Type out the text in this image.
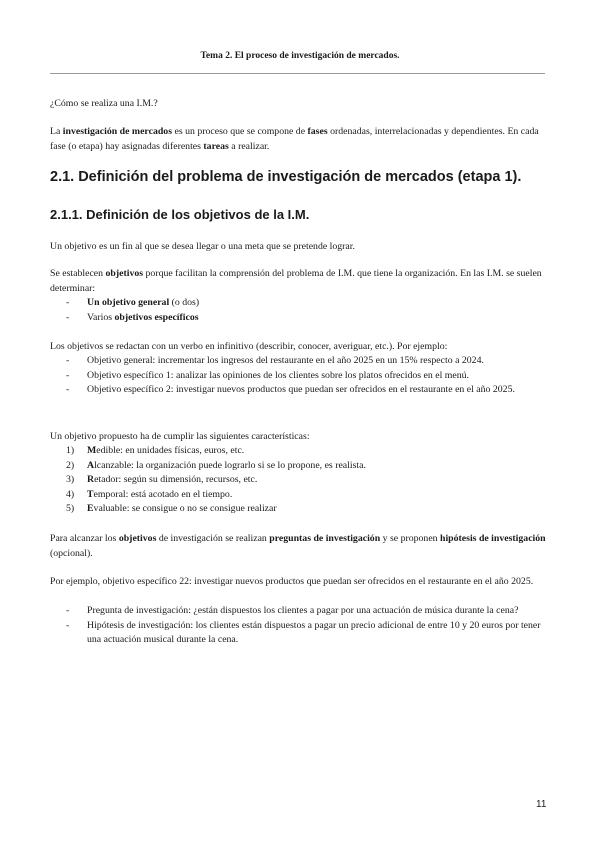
Tema 2. El proceso de investigación de mercados.
¿Cómo se realiza una I.M.?
La investigación de mercados es un proceso que se compone de fases ordenadas, interrelacionadas y dependientes. En cada fase (o etapa) hay asignadas diferentes tareas a realizar.
2.1. Definición del problema de investigación de mercados (etapa 1).
2.1.1. Definición de los objetivos de la I.M.
Un objetivo es un fin al que se desea llegar o una meta que se pretende lograr.
Se establecen objetivos porque facilitan la comprensión del problema de I.M. que tiene la organización. En las I.M. se suelen determinar:
- Un objetivo general (o dos)
- Varios objetivos específicos
Los objetivos se redactan con un verbo en infinitivo (describir, conocer, averiguar, etc.). Por ejemplo:
- Objetivo general: incrementar los ingresos del restaurante en el año 2025 en un 15% respecto a 2024.
- Objetivo específico 1: analizar las opiniones de los clientes sobre los platos ofrecidos en el menú.
- Objetivo específico 2: investigar nuevos productos que puedan ser ofrecidos en el restaurante en el año 2025.
Un objetivo propuesto ha de cumplir las siguientes características:
1) Medible: en unidades físicas, euros, etc.
2) Alcanzable: la organización puede lograrlo si se lo propone, es realista.
3) Retador: según su dimensión, recursos, etc.
4) Temporal: está acotado en el tiempo.
5) Evaluable: se consigue o no se consigue realizar
Para alcanzar los objetivos de investigación se realizan preguntas de investigación y se proponen hipótesis de investigación (opcional).
Por ejemplo, objetivo específico 22: investigar nuevos productos que puedan ser ofrecidos en el restaurante en el año 2025.
- Pregunta de investigación: ¿están dispuestos los clientes a pagar por una actuación de música durante la cena?
- Hipótesis de investigación: los clientes están dispuestos a pagar un precio adicional de entre 10 y 20 euros por tener una actuación musical durante la cena.
11
